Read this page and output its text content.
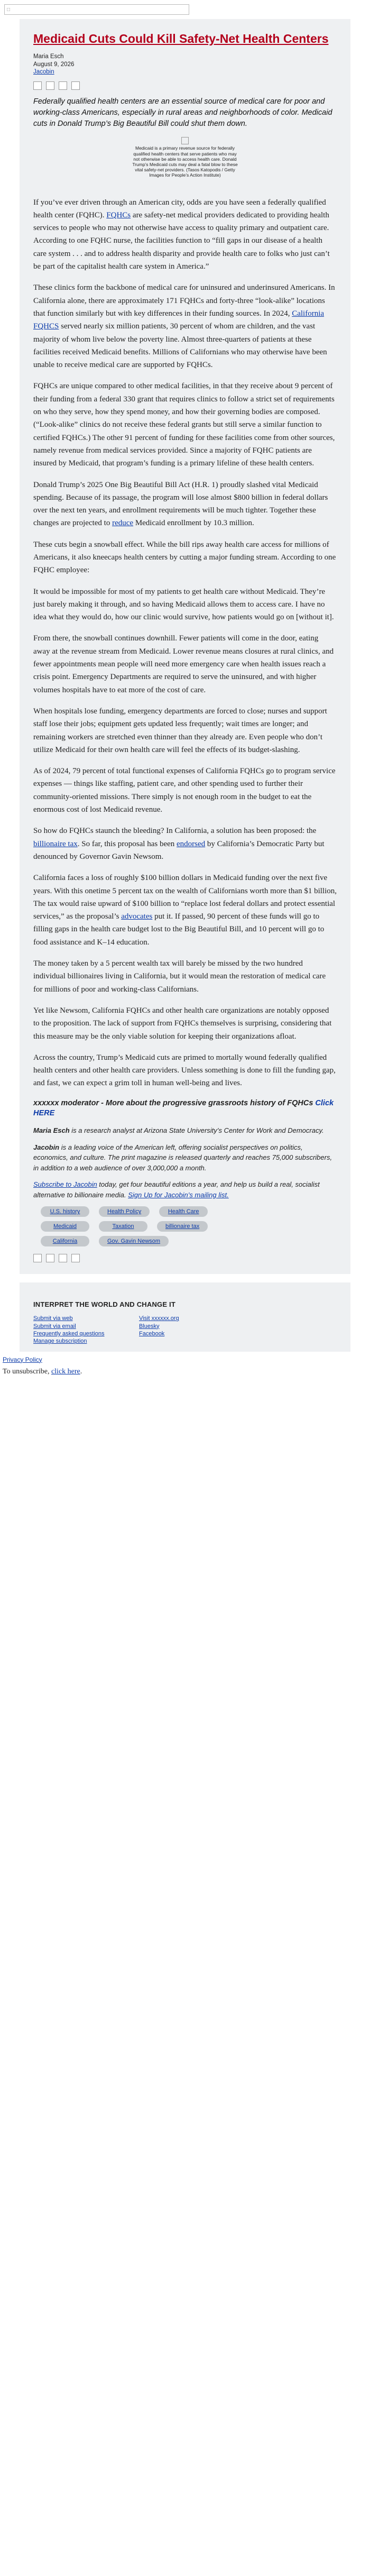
□
Medicaid Cuts Could Kill Safety-Net Health Centers
Maria Esch
August 9, 2026
Jacobin

Federally qualified health centers are an essential source of medical care for poor and working-class Americans, especially in rural areas and neighborhoods of color. Medicaid cuts in Donald Trump’s Big Beautiful Bill could shut them down.

Medicaid is a primary revenue source for federally qualified health centers that serve patients who may not otherwise be able to access health care. Donald Trump’s Medicaid cuts may deal a fatal blow to these vital safety-net providers. (Tasos Katopodis / Getty Images for People’s Action Institute)

If you’ve ever driven through an American city, odds are you have seen a federally qualified health center (FQHC). FQHCs are safety-net medical providers dedicated to providing health services to people who may not otherwise have access to quality primary and outpatient care. According to one FQHC nurse, the facilities function to “fill gaps in our disease of a health care system . . . and to address health disparity and provide health care to folks who just can’t be part of the capitalist health care system in America.”

These clinics form the backbone of medical care for uninsured and underinsured Americans. In California alone, there are approximately 171 FQHCs and forty-three “look-alike” locations that function similarly but with key differences in their funding sources. In 2024, California FQHCS served nearly six million patients, 30 percent of whom are children, and the vast majority of whom live below the poverty line. Almost three-quarters of patients at these facilities received Medicaid benefits. Millions of Californians who may otherwise have been unable to receive medical care are supported by FQHCs.

FQHCs are unique compared to other medical facilities, in that they receive about 9 percent of their funding from a federal 330 grant that requires clinics to follow a strict set of requirements on who they serve, how they spend money, and how their governing bodies are composed. (“Look-alike” clinics do not receive these federal grants but still serve a similar function to certified FQHCs.) The other 91 percent of funding for these facilities come from other sources, namely revenue from medical services provided. Since a majority of FQHC patients are insured by Medicaid, that program’s funding is a primary lifeline of these health centers.

Donald Trump’s 2025 One Big Beautiful Bill Act (H.R. 1) proudly slashed vital Medicaid spending. Because of its passage, the program will lose almost $800 billion in federal dollars over the next ten years, and enrollment requirements will be much tighter. Together these changes are projected to reduce Medicaid enrollment by 10.3 million.

These cuts begin a snowball effect. While the bill rips away health care access for millions of Americans, it also kneecaps health centers by cutting a major funding stream. According to one FQHC employee:

It would be impossible for most of my patients to get health care without Medicaid. They’re just barely making it through, and so having Medicaid allows them to access care. I have no idea what they would do, how our clinic would survive, how patients would go on [without it].

From there, the snowball continues downhill. Fewer patients will come in the door, eating away at the revenue stream from Medicaid. Lower revenue means closures at rural clinics, and fewer appointments mean people will need more emergency care when health issues reach a crisis point. Emergency Departments are required to serve the uninsured, and with higher volumes hospitals have to eat more of the cost of care.

When hospitals lose funding, emergency departments are forced to close; nurses and support staff lose their jobs; equipment gets updated less frequently; wait times are longer; and remaining workers are stretched even thinner than they already are. Even people who don’t utilize Medicaid for their own health care will feel the effects of its budget-slashing.

As of 2024, 79 percent of total functional expenses of California FQHCs go to program service expenses — things like staffing, patient care, and other spending used to further their community-oriented missions. There simply is not enough room in the budget to eat the enormous cost of lost Medicaid revenue.

So how do FQHCs staunch the bleeding? In California, a solution has been proposed: the billionaire tax. So far, this proposal has been endorsed by California’s Democratic Party but denounced by Governor Gavin Newsom.

California faces a loss of roughly $100 billion dollars in Medicaid funding over the next five years. With this onetime 5 percent tax on the wealth of Californians worth more than $1 billion, The tax would raise upward of $100 billion to “replace lost federal dollars and protect essential services,” as the proposal’s advocates put it. If passed, 90 percent of these funds will go to filling gaps in the health care budget lost to the Big Beautiful Bill, and 10 percent will go to food assistance and K–14 education.

The money taken by a 5 percent wealth tax will barely be missed by the two hundred individual billionaires living in California, but it would mean the restoration of medical care for millions of poor and working-class Californians.

Yet like Newsom, California FQHCs and other health care organizations are notably opposed to the proposition. The lack of support from FQHCs themselves is surprising, considering that this measure may be the only viable solution for keeping their organizations afloat.

Across the country, Trump’s Medicaid cuts are primed to mortally wound federally qualified health centers and other health care providers. Unless something is done to fill the funding gap, and fast, we can expect a grim toll in human well-being and lives.

xxxxxx moderator - More about the progressive grassroots history of FQHCs Click HERE

Maria Esch is a research analyst at Arizona State University’s Center for Work and Democracy.

Jacobin is a leading voice of the American left, offering socialist perspectives on politics, economics, and culture. The print magazine is released quarterly and reaches 75,000 subscribers, in addition to a web audience of over 3,000,000 a month.

Subscribe to Jacobin today, get four beautiful editions a year, and help us build a real, socialist alternative to billionaire media. Sign Up for Jacobin’s mailing list.

U.S. history	Health Policy	Health Care
Medicaid	Taxation	billionaire tax
California	Gov. Gavin Newsom
INTERPRET THE WORLD AND CHANGE IT
Submit via web
Submit via email
Frequently asked questions
Manage subscription
Visit xxxxxx.org
Bluesky
Facebook
Privacy Policy
To unsubscribe, click here.
